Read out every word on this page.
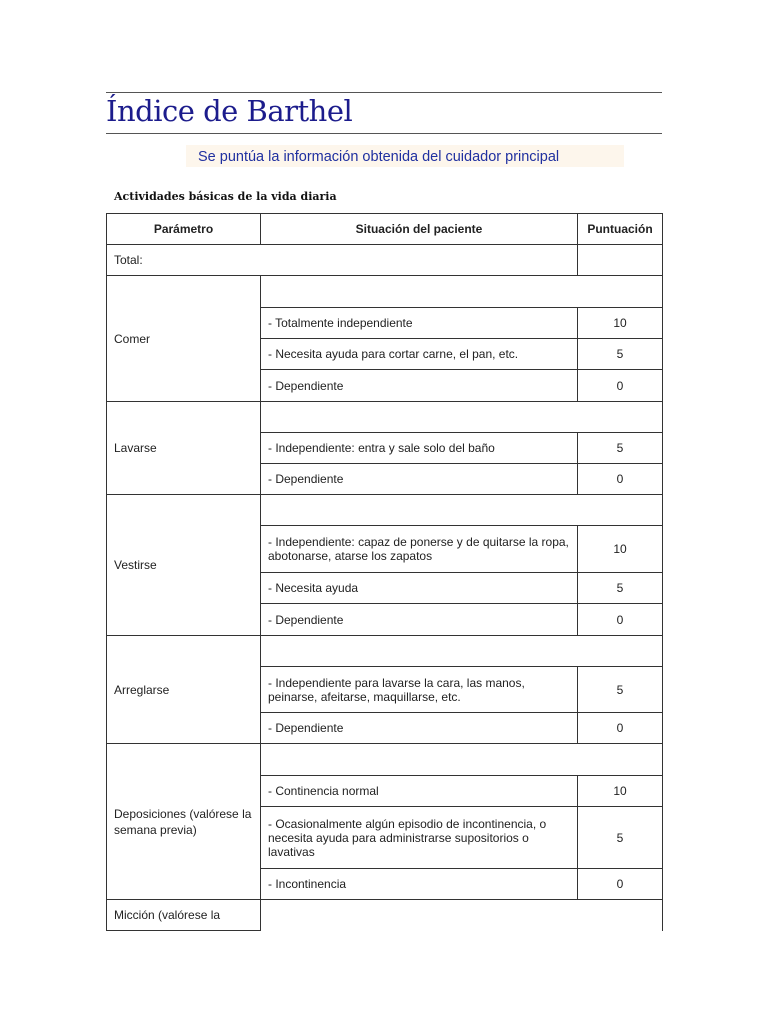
Índice de Barthel
Se puntúa la información obtenida del cuidador principal
Actividades básicas de la vida diaria
Parámetro	Situación del paciente	Puntuación
Total:		
Comer		
	- Totalmente independiente	10
	- Necesita ayuda para cortar carne, el pan, etc.	5
	- Dependiente	0
Lavarse		
	- Independiente: entra y sale solo del baño	5
	- Dependiente	0
Vestirse		
	- Independiente: capaz de ponerse y de quitarse la ropa, abotonarse, atarse los zapatos	10
	- Necesita ayuda	5
	- Dependiente	0
Arreglarse		
	- Independiente para lavarse la cara, las manos, peinarse, afeitarse, maquillarse, etc.	5
	- Dependiente	0
Deposiciones (valórese la semana previa)		
	- Continencia normal	10
	- Ocasionalmente algún episodio de incontinencia, o necesita ayuda para administrarse supositorios o lavativas	5
	- Incontinencia	0
Micción (valórese la		
